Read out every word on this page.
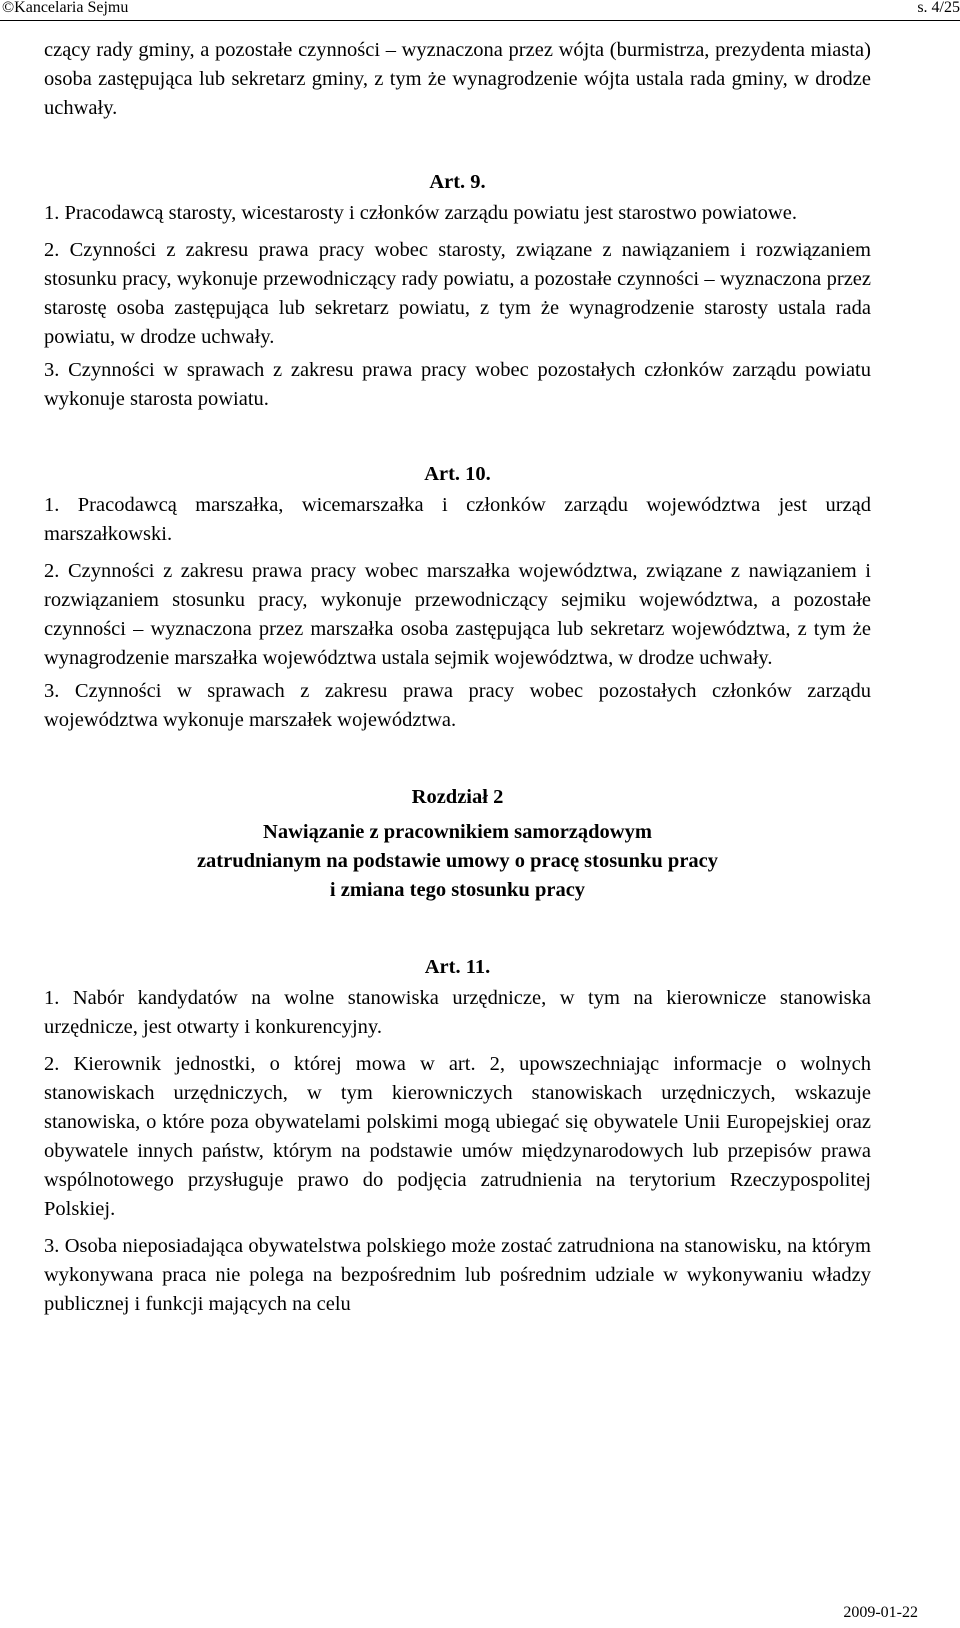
©Kancelaria Sejmu	s. 4/25

czący rady gminy, a pozostałe czynności – wyznaczona przez wójta (burmistrza, prezydenta miasta) osoba zastępująca lub sekretarz gminy, z tym że wynagrodzenie wójta ustala rada gminy, w drodze uchwały.

Art. 9.

1. Pracodawcą starosty, wicestarosty i członków zarządu powiatu jest starostwo powiatowe.

2. Czynności z zakresu prawa pracy wobec starosty, związane z nawiązaniem i rozwiązaniem stosunku pracy, wykonuje przewodniczący rady powiatu, a pozostałe czynności – wyznaczona przez starostę osoba zastępująca lub sekretarz powiatu, z tym że wynagrodzenie starosty ustala rada powiatu, w drodze uchwały.

3. Czynności w sprawach z zakresu prawa pracy wobec pozostałych członków zarządu powiatu wykonuje starosta powiatu.

Art. 10.

1. Pracodawcą marszałka, wicemarszałka i członków zarządu województwa jest urząd marszałkowski.

2. Czynności z zakresu prawa pracy wobec marszałka województwa, związane z nawiązaniem i rozwiązaniem stosunku pracy, wykonuje przewodniczący sejmiku województwa, a pozostałe czynności – wyznaczona przez marszałka osoba zastępująca lub sekretarz województwa, z tym że wynagrodzenie marszałka województwa ustala sejmik województwa, w drodze uchwały.

3. Czynności w sprawach z zakresu prawa pracy wobec pozostałych członków zarządu województwa wykonuje marszałek województwa.

Rozdział 2

Nawiązanie z pracownikiem samorządowym

zatrudnianym na podstawie umowy o pracę stosunku pracy

i zmiana tego stosunku pracy

Art. 11.

1. Nabór kandydatów na wolne stanowiska urzędnicze, w tym na kierownicze stanowiska urzędnicze, jest otwarty i konkurencyjny.

2. Kierownik jednostki, o której mowa w art. 2, upowszechniając informacje o wolnych stanowiskach urzędniczych, w tym kierowniczych stanowiskach urzędniczych, wskazuje stanowiska, o które poza obywatelami polskimi mogą ubiegać się obywatele Unii Europejskiej oraz obywatele innych państw, którym na podstawie umów międzynarodowych lub przepisów prawa wspólnotowego przysługuje prawo do podjęcia zatrudnienia na terytorium Rzeczypospolitej Polskiej.

3. Osoba nieposiadająca obywatelstwa polskiego może zostać zatrudniona na stanowisku, na którym wykonywana praca nie polega na bezpośrednim lub pośrednim udziale w wykonywaniu władzy publicznej i funkcji mających na celu

2009-01-22
